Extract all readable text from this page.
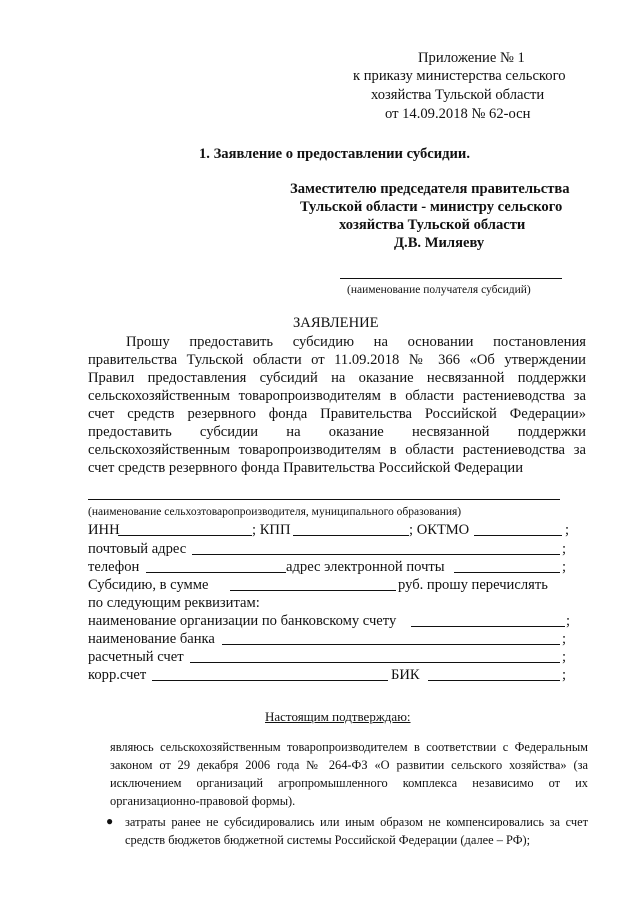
Приложение № 1
к приказу министерства сельского
хозяйства Тульской области
от 14.09.2018 № 62-осн
1. Заявление о предоставлении субсидии.
Заместителю председателя правительства
Тульской области - министру сельского
хозяйства Тульской области
Д.В. Миляеву
(наименование получателя субсидий)
ЗАЯВЛЕНИЕ
Прошу предоставить субсидию на основании постановления
правительства Тульской области от 11.09.2018 № 366 «Об утверждении
Правил предоставления субсидий на оказание несвязанной поддержки
сельскохозяйственным товаропроизводителям в области растениеводства за
счет средств резервного фонда Правительства Российской Федерации»
предоставить субсидии на оказание несвязанной поддержки
сельскохозяйственным товаропроизводителям в области растениеводства за
счет средств резервного фонда Правительства Российской Федерации
(наименование сельхозтоваропроизводителя, муниципального образования)
ИНН	; КПП	; ОКТМО	;
почтовый адрес	;
телефон	адрес электронной почты	;
Субсидию, в сумме	руб. прошу перечислять
по следующим реквизитам:
наименование организации по банковскому счету	;
наименование банка	;
расчетный счет	;
корр.счет	БИК	;
Настоящим подтверждаю:
являюсь сельскохозяйственным товаропроизводителем в соответствии с Федеральным
законом от 29 декабря 2006 года № 264-ФЗ «О развитии сельского хозяйства» (за
исключением организаций агропромышленного комплекса независимо от их
организационно-правовой формы).
● затраты ранее не субсидировались или иным образом не компенсировались за счет
средств бюджетов бюджетной системы Российской Федерации (далее – РФ);
